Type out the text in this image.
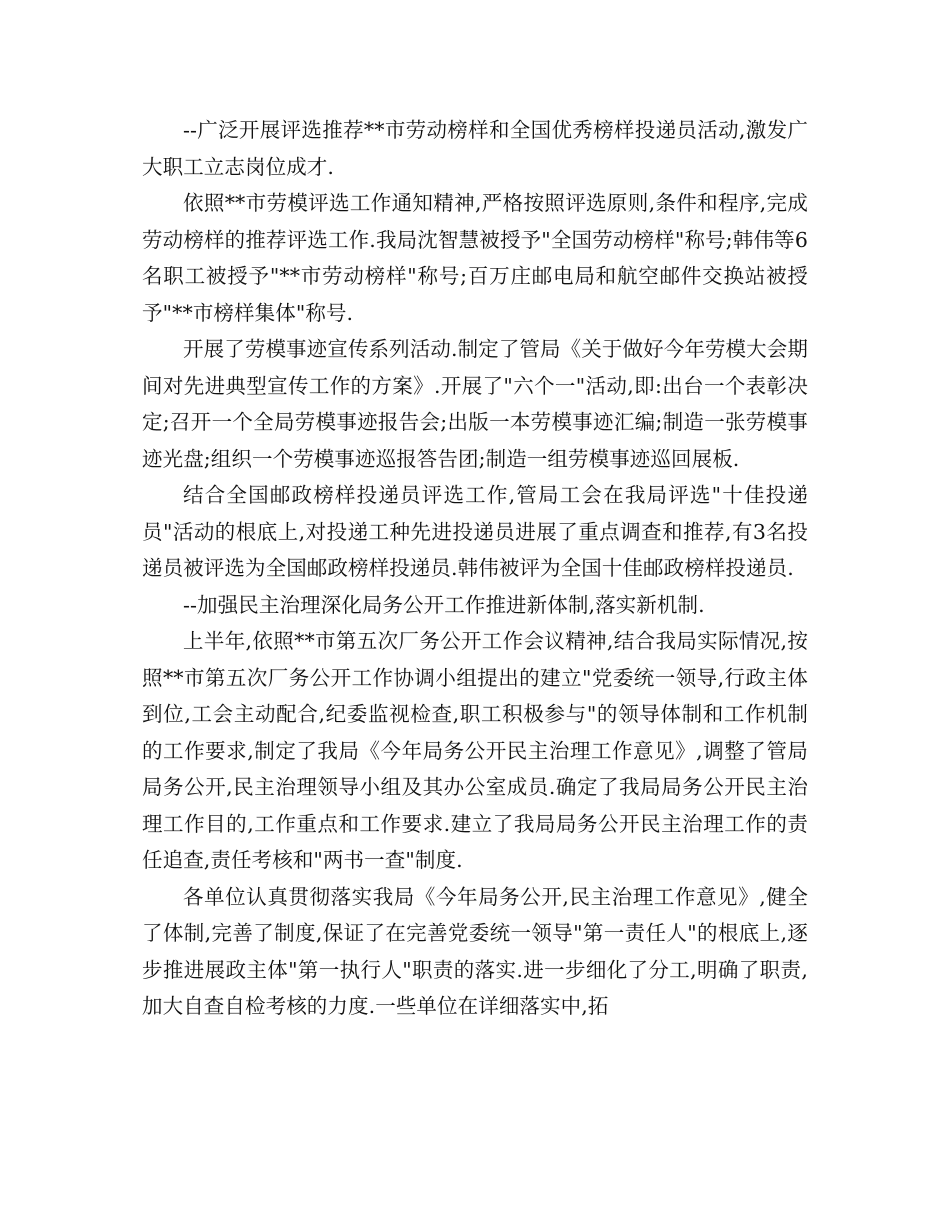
--广泛开展评选推荐**市劳动榜样和全国优秀榜样投递员活动,激发广大职工立志岗位成才.

依照**市劳模评选工作通知精神,严格按照评选原则,条件和程序,完成劳动榜样的推荐评选工作.我局沈智慧被授予"全国劳动榜样"称号;韩伟等6名职工被授予"**市劳动榜样"称号;百万庄邮电局和航空邮件交换站被授予"**市榜样集体"称号.

开展了劳模事迹宣传系列活动.制定了管局《关于做好今年劳模大会期间对先进典型宣传工作的方案》.开展了"六个一"活动,即:出台一个表彰决定;召开一个全局劳模事迹报告会;出版一本劳模事迹汇编;制造一张劳模事迹光盘;组织一个劳模事迹巡报答告团;制造一组劳模事迹巡回展板.

结合全国邮政榜样投递员评选工作,管局工会在我局评选"十佳投递员"活动的根底上,对投递工种先进投递员进展了重点调查和推荐,有3名投递员被评选为全国邮政榜样投递员.韩伟被评为全国十佳邮政榜样投递员.

--加强民主治理深化局务公开工作推进新体制,落实新机制.

上半年,依照**市第五次厂务公开工作会议精神,结合我局实际情况,按照**市第五次厂务公开工作协调小组提出的建立"党委统一领导,行政主体到位,工会主动配合,纪委监视检查,职工积极参与"的领导体制和工作机制的工作要求,制定了我局《今年局务公开民主治理工作意见》,调整了管局局务公开,民主治理领导小组及其办公室成员.确定了我局局务公开民主治理工作目的,工作重点和工作要求.建立了我局局务公开民主治理工作的责任追查,责任考核和"两书一查"制度.

各单位认真贯彻落实我局《今年局务公开,民主治理工作意见》,健全了体制,完善了制度,保证了在完善党委统一领导"第一责任人"的根底上,逐步推进展政主体"第一执行人"职责的落实.进一步细化了分工,明确了职责,加大自查自检考核的力度.一些单位在详细落实中,拓
